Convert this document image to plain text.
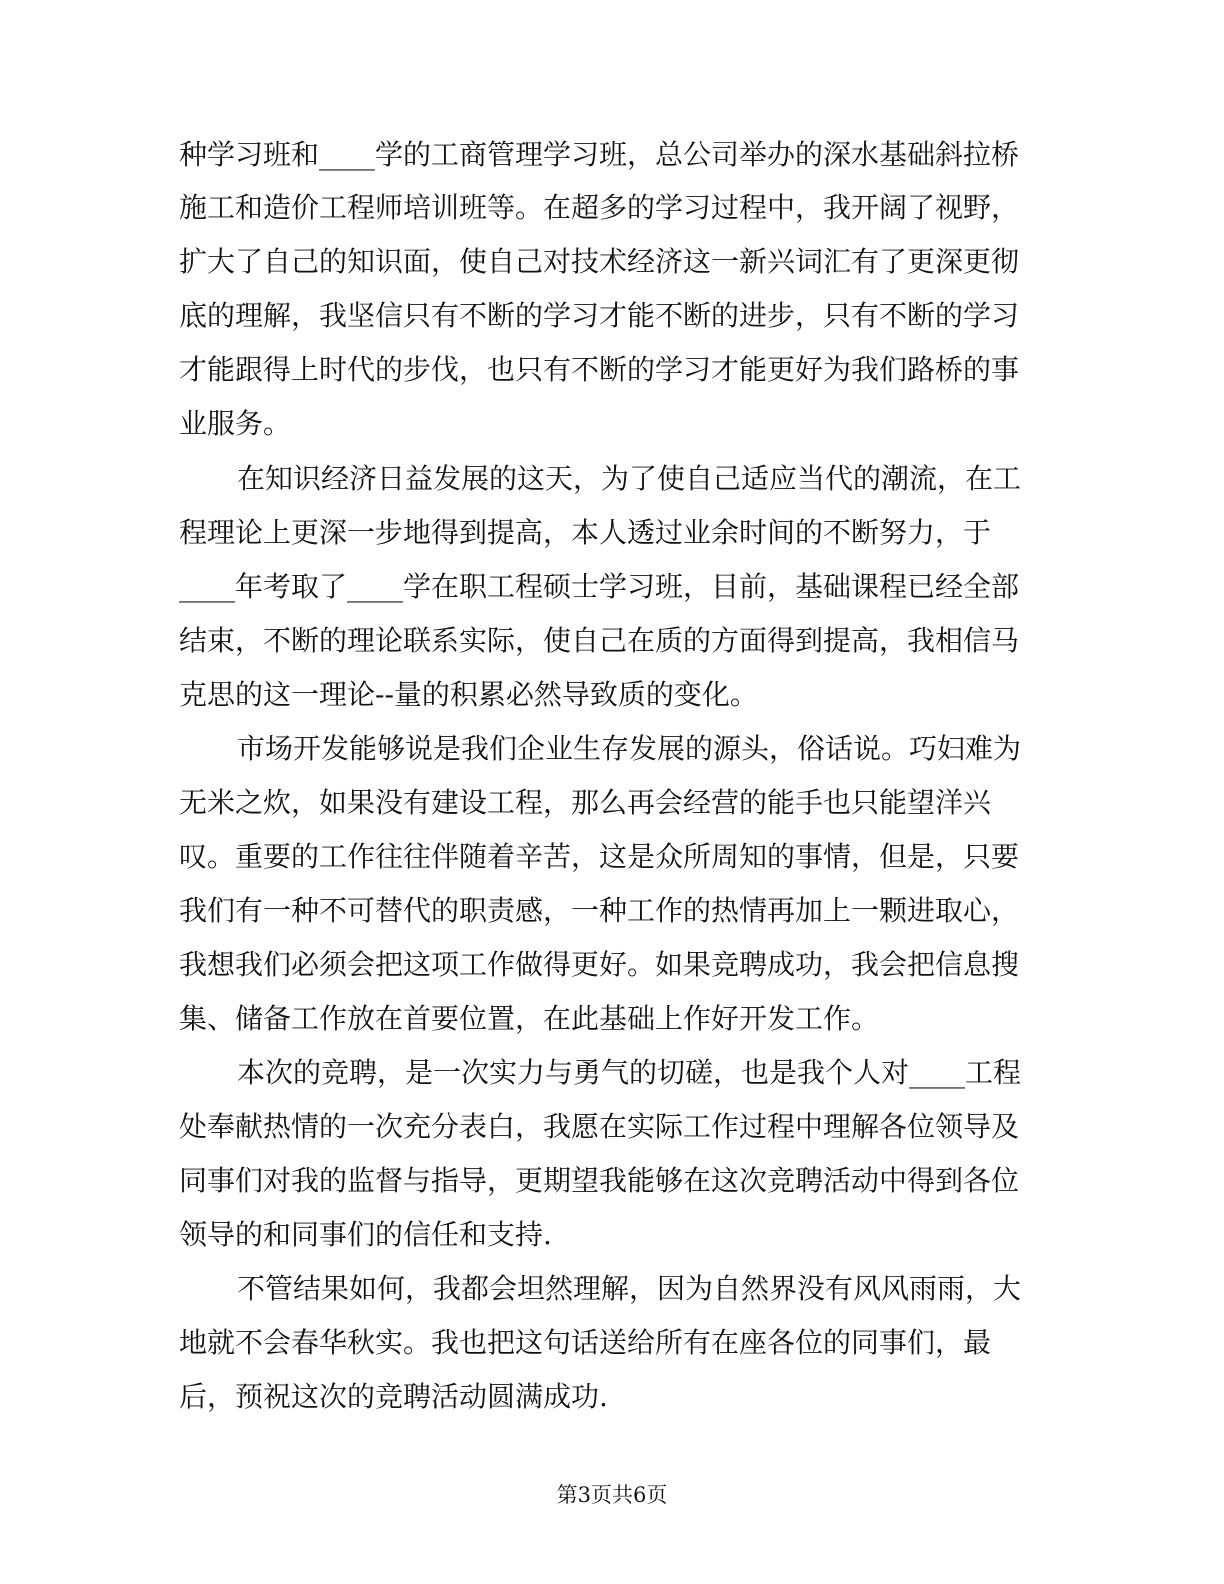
种学习班和____学的工商管理学习班，总公司举办的深水基础斜拉桥
施工和造价工程师培训班等。在超多的学习过程中，我开阔了视野，
扩大了自己的知识面，使自己对技术经济这一新兴词汇有了更深更彻
底的理解，我坚信只有不断的学习才能不断的进步，只有不断的学习
才能跟得上时代的步伐，也只有不断的学习才能更好为我们路桥的事
业服务。
在知识经济日益发展的这天，为了使自己适应当代的潮流，在工
程理论上更深一步地得到提高，本人透过业余时间的不断努力，于
____年考取了____学在职工程硕士学习班，目前，基础课程已经全部
结束，不断的理论联系实际，使自己在质的方面得到提高，我相信马
克思的这一理论--量的积累必然导致质的变化。
市场开发能够说是我们企业生存发展的源头，俗话说。巧妇难为
无米之炊，如果没有建设工程，那么再会经营的能手也只能望洋兴
叹。重要的工作往往伴随着辛苦，这是众所周知的事情，但是，只要
我们有一种不可替代的职责感，一种工作的热情再加上一颗进取心，
我想我们必须会把这项工作做得更好。如果竞聘成功，我会把信息搜
集、储备工作放在首要位置，在此基础上作好开发工作。
本次的竞聘，是一次实力与勇气的切磋，也是我个人对____工程
处奉献热情的一次充分表白，我愿在实际工作过程中理解各位领导及
同事们对我的监督与指导，更期望我能够在这次竞聘活动中得到各位
领导的和同事们的信任和支持.
不管结果如何，我都会坦然理解，因为自然界没有风风雨雨，大
地就不会春华秋实。我也把这句话送给所有在座各位的同事们，最
后，预祝这次的竞聘活动圆满成功.
第3页共6页
